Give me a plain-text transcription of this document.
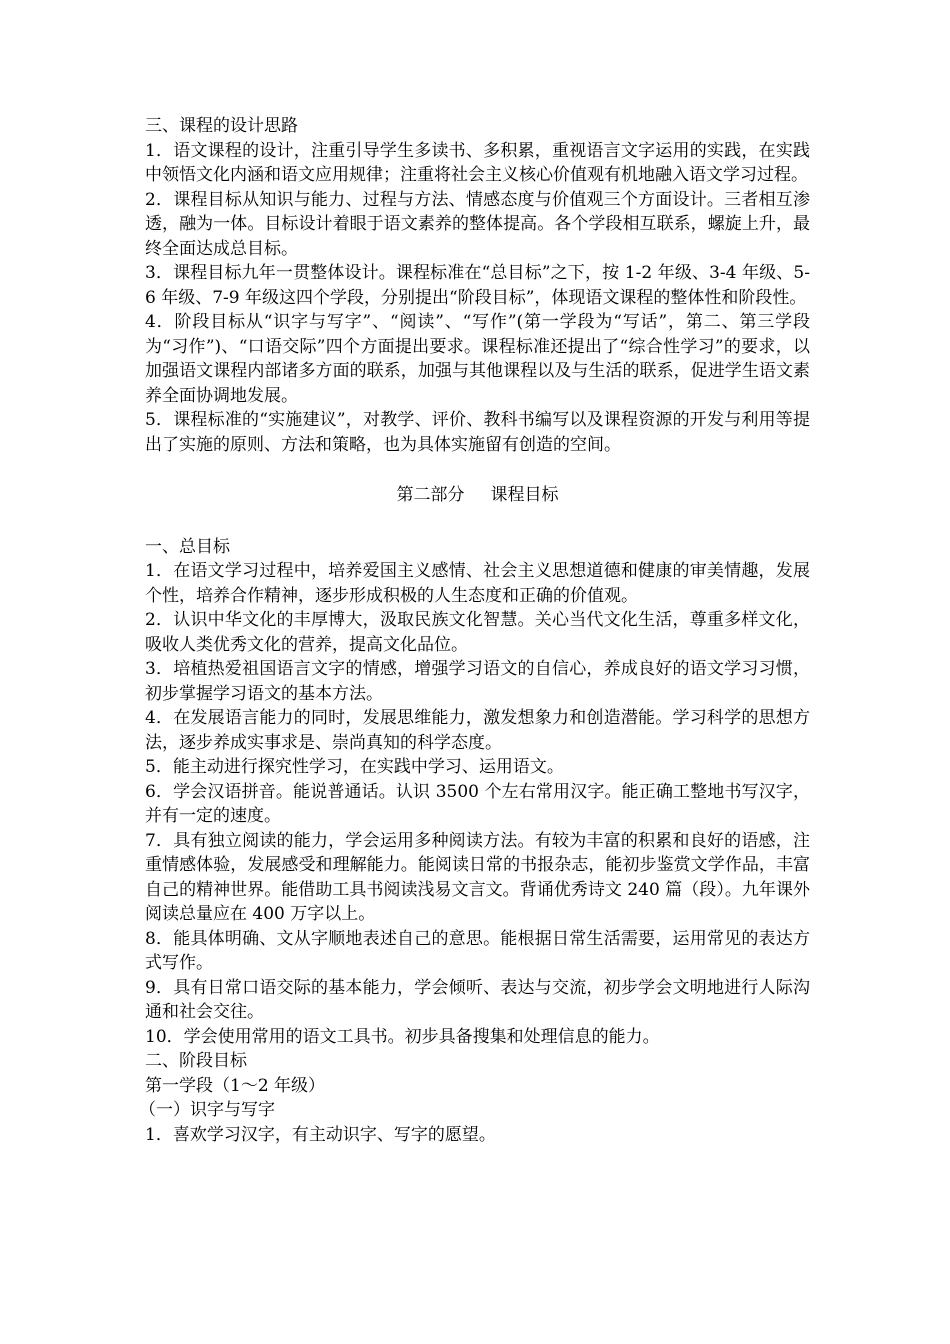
三、课程的设计思路

1．语文课程的设计，注重引导学生多读书、多积累，重视语言文字运用的实践，在实践中领悟文化内涵和语文应用规律；注重将社会主义核心价值观有机地融入语文学习过程。

2．课程目标从知识与能力、过程与方法、情感态度与价值观三个方面设计。三者相互渗透，融为一体。目标设计着眼于语文素养的整体提高。各个学段相互联系，螺旋上升，最终全面达成总目标。

3．课程目标九年一贯整体设计。课程标准在“总目标”之下，按 1-2 年级、3-4 年级、5-6 年级、7-9 年级这四个学段，分别提出“阶段目标”，体现语文课程的整体性和阶段性。

4．阶段目标从“识字与写字”、“阅读”、“写作”(第一学段为“写话”，第二、第三学段为“习作”)、“口语交际”四个方面提出要求。课程标准还提出了“综合性学习”的要求，以加强语文课程内部诸多方面的联系，加强与其他课程以及与生活的联系，促进学生语文素养全面协调地发展。

5．课程标准的“实施建议”，对教学、评价、教科书编写以及课程资源的开发与利用等提出了实施的原则、方法和策略，也为具体实施留有创造的空间。

第二部分 课程目标

一、总目标

1．在语文学习过程中，培养爱国主义感情、社会主义思想道德和健康的审美情趣，发展个性，培养合作精神，逐步形成积极的人生态度和正确的价值观。

2．认识中华文化的丰厚博大，汲取民族文化智慧。关心当代文化生活，尊重多样文化，吸收人类优秀文化的营养，提高文化品位。

3．培植热爱祖国语言文字的情感，增强学习语文的自信心，养成良好的语文学习习惯，初步掌握学习语文的基本方法。

4．在发展语言能力的同时，发展思维能力，激发想象力和创造潜能。学习科学的思想方法，逐步养成实事求是、崇尚真知的科学态度。

5．能主动进行探究性学习，在实践中学习、运用语文。

6．学会汉语拼音。能说普通话。认识 3500 个左右常用汉字。能正确工整地书写汉字，并有一定的速度。

7．具有独立阅读的能力，学会运用多种阅读方法。有较为丰富的积累和良好的语感，注重情感体验，发展感受和理解能力。能阅读日常的书报杂志，能初步鉴赏文学作品，丰富自己的精神世界。能借助工具书阅读浅易文言文。背诵优秀诗文 240 篇（段）。九年课外阅读总量应在 400 万字以上。

8．能具体明确、文从字顺地表述自己的意思。能根据日常生活需要，运用常见的表达方式写作。

9．具有日常口语交际的基本能力，学会倾听、表达与交流，初步学会文明地进行人际沟通和社会交往。

10．学会使用常用的语文工具书。初步具备搜集和处理信息的能力。

二、阶段目标

第一学段（1～2 年级）

（一）识字与写字

1．喜欢学习汉字，有主动识字、写字的愿望。
